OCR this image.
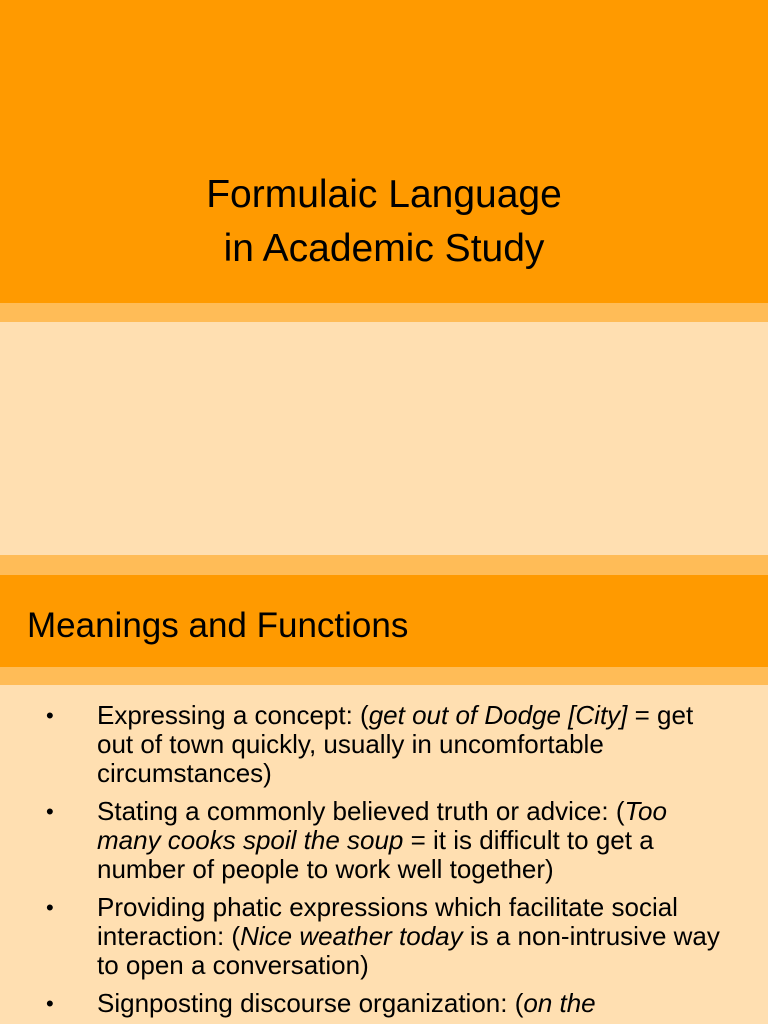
Formulaic Language
in Academic Study
Meanings and Functions
• Expressing a concept: (get out of Dodge [City] = get out of town quickly, usually in uncomfortable circumstances)
• Stating a commonly believed truth or advice: (Too many cooks spoil the soup = it is difficult to get a number of people to work well together)
• Providing phatic expressions which facilitate social interaction: (Nice weather today is a non-intrusive way to open a conversation)
• Signposting discourse organization: (on the
